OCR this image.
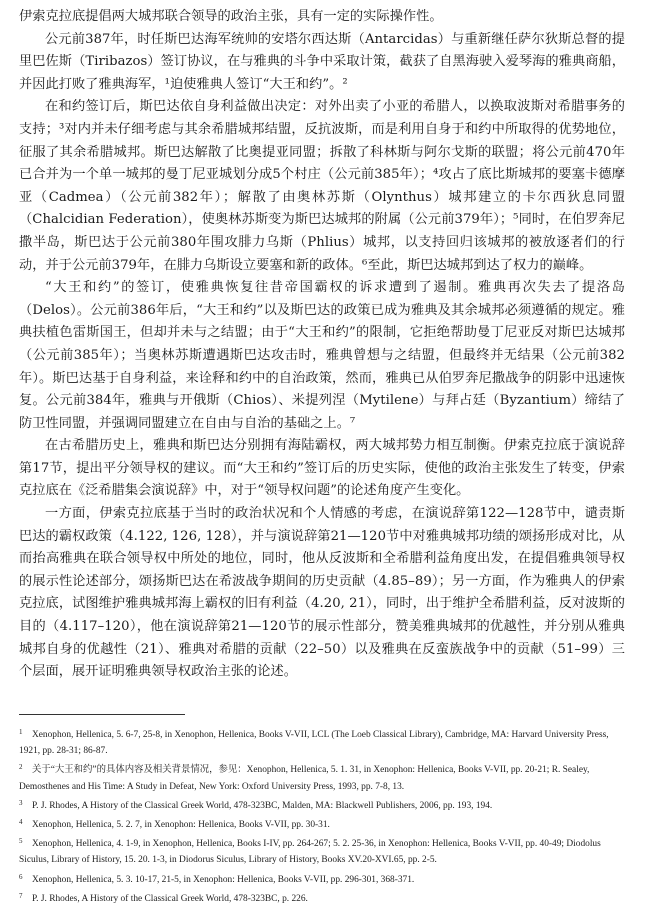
伊索克拉底提倡两大城邦联合领导的政治主张，具有一定的实际操作性。

公元前387年，时任斯巴达海军统帅的安塔尔西达斯（Antarcidas）与重新继任萨尔狄斯总督的提里巴佐斯（Tiribazos）签订协议，在与雅典的斗争中采取计策，截获了自黑海驶入爱琴海的雅典商船，并因此打败了雅典海军，¹迫使雅典人签订“大王和约”。²

在和约签订后，斯巴达依自身利益做出决定：对外出卖了小亚的希腊人，以换取波斯对希腊事务的支持；³对内并未仔细考虑与其余希腊城邦结盟，反抗波斯，而是利用自身于和约中所取得的优势地位，征服了其余希腊城邦。斯巴达解散了比奥提亚同盟；拆散了科林斯与阿尔戈斯的联盟；将公元前470年已合并为一个单一城邦的曼丁尼亚城划分成5个村庄（公元前385年）；⁴攻占了底比斯城邦的要塞卡德摩亚（Cadmea）（公元前382年）；解散了由奥林苏斯（Olynthus）城邦建立的卡尔西狄息同盟（Chalcidian Federation），使奥林苏斯变为斯巴达城邦的附属（公元前379年）；⁵同时，在伯罗奔尼撒半岛，斯巴达于公元前380年围攻腓力乌斯（Phlius）城邦，以支持回归该城邦的被放逐者们的行动，并于公元前379年，在腓力乌斯设立要塞和新的政体。⁶至此，斯巴达城邦到达了权力的巅峰。

“大王和约”的签订，使雅典恢复往昔帝国霸权的诉求遭到了遏制。雅典再次失去了提洛岛（Delos）。公元前386年后，“大王和约”以及斯巴达的政策已成为雅典及其余城邦必须遵循的规定。雅典扶植色雷斯国王，但却并未与之结盟；由于“大王和约”的限制，它拒绝帮助曼丁尼亚反对斯巴达城邦（公元前385年）；当奥林苏斯遭遇斯巴达攻击时，雅典曾想与之结盟，但最终并无结果（公元前382年）。斯巴达基于自身利益，来诠释和约中的自治政策，然而，雅典已从伯罗奔尼撒战争的阴影中迅速恢复。公元前384年，雅典与开俄斯（Chios）、米提列涅（Mytilene）与拜占廷（Byzantium）缔结了防卫性同盟，并强调同盟建立在自由与自治的基础之上。⁷

在古希腊历史上，雅典和斯巴达分别拥有海陆霸权，两大城邦势力相互制衡。伊索克拉底于演说辞第17节，提出平分领导权的建议。而“大王和约”签订后的历史实际，使他的政治主张发生了转变，伊索克拉底在《泛希腊集会演说辞》中，对于“领导权问题”的论述角度产生变化。

一方面，伊索克拉底基于当时的政治状况和个人情感的考虑，在演说辞第122—128节中，谴责斯巴达的霸权政策（4.122, 126, 128），并与演说辞第21—120节中对雅典城邦功绩的颂扬形成对比，从而抬高雅典在联合领导权中所处的地位，同时，他从反波斯和全希腊利益角度出发，在提倡雅典领导权的展示性论述部分，颂扬斯巴达在希波战争期间的历史贡献（4.85–89）；另一方面，作为雅典人的伊索克拉底，试图维护雅典城邦海上霸权的旧有利益（4.20, 21），同时，出于维护全希腊利益，反对波斯的目的（4.117–120），他在演说辞第21—120节的展示性部分，赞美雅典城邦的优越性，并分别从雅典城邦自身的优越性（21）、雅典对希腊的贡献（22–50）以及雅典在反蛮族战争中的贡献（51–99）三个层面，展开证明雅典领导权政治主张的论述。

1 Xenophon, Hellenica, 5. 6-7, 25-8, in Xenophon, Hellenica, Books V-VII, LCL (The Loeb Classical Library), Cambridge, MA: Harvard University Press, 1921, pp. 28-31; 86-87.

2 关于“大王和约”的具体内容及相关背景情况，参见：Xenophon, Hellenica, 5. 1. 31, in Xenophon: Hellenica, Books V-VII, pp. 20-21; R. Sealey, Demosthenes and His Time: A Study in Defeat, New York: Oxford University Press, 1993, pp. 7-8, 13.

3 P. J. Rhodes, A History of the Classical Greek World, 478-323BC, Malden, MA: Blackwell Publishers, 2006, pp. 193, 194.

4 Xenophon, Hellenica, 5. 2. 7, in Xenophon: Hellenica, Books V-VII, pp. 30-31.

5 Xenophon, Hellenica, 4. 1-9, in Xenophon, Hellenica, Books I-IV, pp. 264-267; 5. 2. 25-36, in Xenophon: Hellenica, Books V-VII, pp. 40-49; Diodolus Siculus, Library of History, 15. 20. 1-3, in Diodorus Siculus, Library of History, Books XV.20-XVI.65, pp. 2-5.

6 Xenophon, Hellenica, 5. 3. 10-17, 21-5, in Xenophon: Hellenica, Books V-VII, pp. 296-301, 368-371.

7 P. J. Rhodes, A History of the Classical Greek World, 478-323BC, p. 226.
